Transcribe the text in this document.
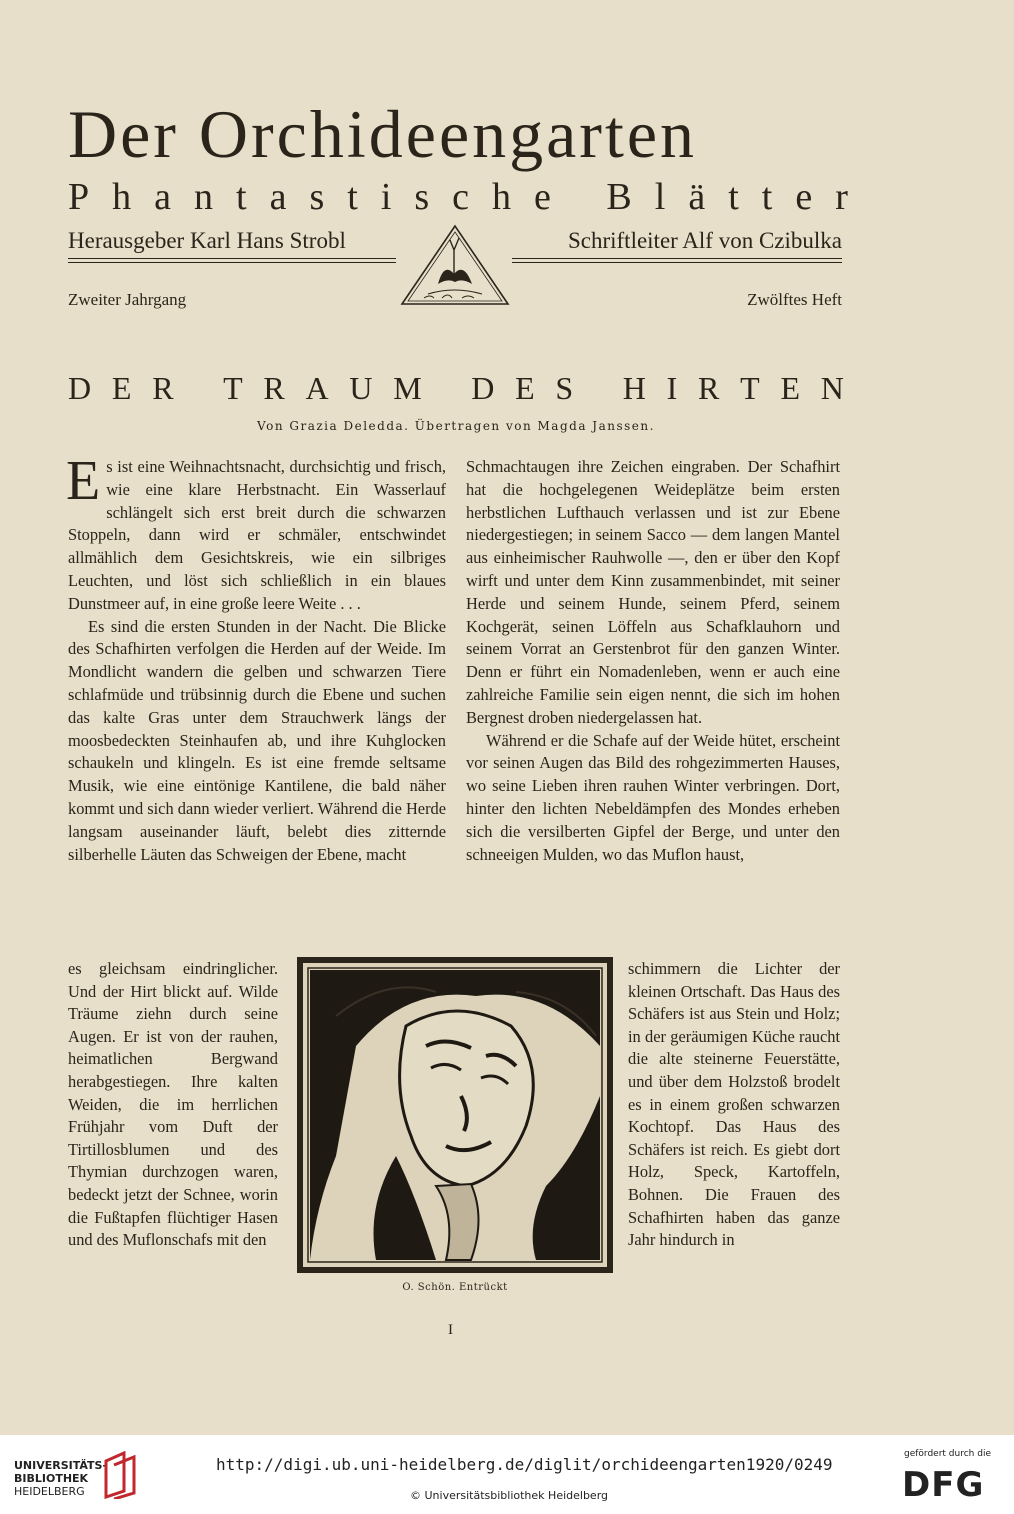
Der Orchideengarten
P h a n t a s t i s c h e
B l ä t t e r
Herausgeber Karl Hans Strobl	Schriftleiter Alf von Czibulka
Zweiter Jahrgang	Zwölftes Heft
D E R
T R A U M
D E S
H I R T E N
Von Grazia Deledda. Übertragen von Magda Janssen.

Es ist eine Weihnachtsnacht, durchsichtig und frisch, wie eine klare Herbstnacht. Ein Wasserlauf schlängelt sich erst breit durch die schwarzen Stoppeln, dann wird er schmäler, entschwindet allmählich dem Gesichtskreis, wie ein silbriges Leuchten, und löst sich schließlich in ein blaues Dunstmeer auf, in eine große leere Weite . . .

Es sind die ersten Stunden in der Nacht. Die Blicke des Schafhirten verfolgen die Herden auf der Weide. Im Mondlicht wandern die gelben und schwarzen Tiere schlafmüde und trübsinnig durch die Ebene und suchen das kalte Gras unter dem Strauchwerk längs der moosbedeckten Steinhaufen ab, und ihre Kuhglocken schaukeln und klingeln. Es ist eine fremde seltsame Musik, wie eine eintönige Kantilene, die bald näher kommt und sich dann wieder verliert. Während die Herde langsam auseinander läuft, belebt dies zitternde silberhelle Läuten das Schweigen der Ebene, macht

Schmachtaugen ihre Zeichen eingraben. Der Schafhirt hat die hochgelegenen Weideplätze beim ersten herbstlichen Lufthauch verlassen und ist zur Ebene niedergestiegen; in seinem Sacco — dem langen Mantel aus einheimischer Rauhwolle —, den er über den Kopf wirft und unter dem Kinn zusammenbindet, mit seiner Herde und seinem Hunde, seinem Pferd, seinem Kochgerät, seinen Löffeln aus Schafklauhorn und seinem Vorrat an Gerstenbrot für den ganzen Winter. Denn er führt ein Nomadenleben, wenn er auch eine zahlreiche Familie sein eigen nennt, die sich im hohen Bergnest droben niedergelassen hat.

Während er die Schafe auf der Weide hütet, erscheint vor seinen Augen das Bild des rohgezimmerten Hauses, wo seine Lieben ihren rauhen Winter verbringen. Dort, hinter den lichten Nebeldämpfen des Mondes erheben sich die versilberten Gipfel der Berge, und unter den schneeigen Mulden, wo das Muflon haust,

es gleichsam eindringlicher. Und der Hirt blickt auf. Wilde Träume ziehn durch seine Augen. Er ist von der rauhen, heimatlichen Bergwand herabgestiegen. Ihre kalten Weiden, die im herrlichen Frühjahr vom Duft der Tirtillosblumen und des Thymian durchzogen waren, bedeckt jetzt der Schnee, worin die Fußtapfen flüchtiger Hasen und des Muflonschafs mit den
schimmern die Lichter der kleinen Ortschaft. Das Haus des Schäfers ist aus Stein und Holz; in der geräumigen Küche raucht die alte steinerne Feuerstätte, und über dem Holzstoß brodelt es in einem großen schwarzen Kochtopf. Das Haus des Schäfers ist reich. Es giebt dort Holz, Speck, Kartoffeln, Bohnen. Die Frauen des Schafhirten haben das ganze Jahr hindurch in
O. Schön. Entrückt
I
UNIVERSITÄTS-
BIBLIOTHEK
HEIDELBERG
http://digi.ub.uni-heidelberg.de/diglit/orchideengarten1920/0249
© Universitätsbibliothek Heidelberg
gefördert durch die
DFG
